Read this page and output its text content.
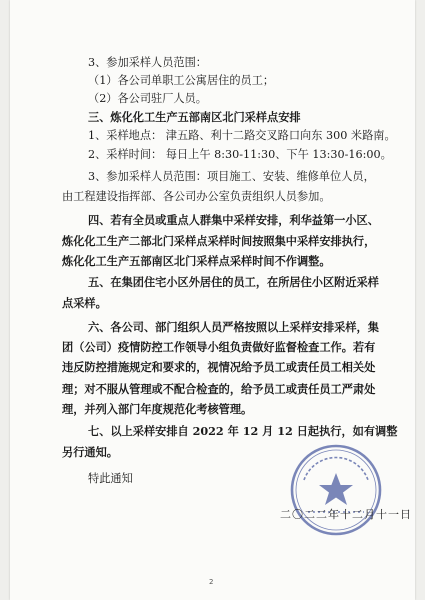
3、参加采样人员范围：
（1）各公司单职工公寓居住的员工；
（2）各公司驻厂人员。
三、炼化化工生产五部南区北门采样点安排
1、采样地点： 津五路、利十二路交叉路口向东 300 米路南。
2、采样时间： 每日上午 8:30-11:30、下午 13:30-16:00。
3、参加采样人员范围：项目施工、安装、维修单位人员，
由工程建设指挥部、各公司办公室负责组织人员参加。
四、若有全员或重点人群集中采样安排，利华益第一小区、
炼化化工生产二部北门采样点采样时间按照集中采样安排执行，
炼化化工生产五部南区北门采样点采样时间不作调整。
五、在集团住宅小区外居住的员工，在所居住小区附近采样
点采样。
六、各公司、部门组织人员严格按照以上采样安排采样，集
团（公司）疫情防控工作领导小组负责做好监督检查工作。若有
违反防控措施规定和要求的，视情况给予员工或责任员工相关处
理；对不服从管理或不配合检查的，给予员工或责任员工严肃处
理，并列入部门年度规范化考核管理。
七、以上采样安排自 2022 年 12 月 12 日起执行，如有调整
另行通知。
特此通知
二〇二二年十二月十一日
2
